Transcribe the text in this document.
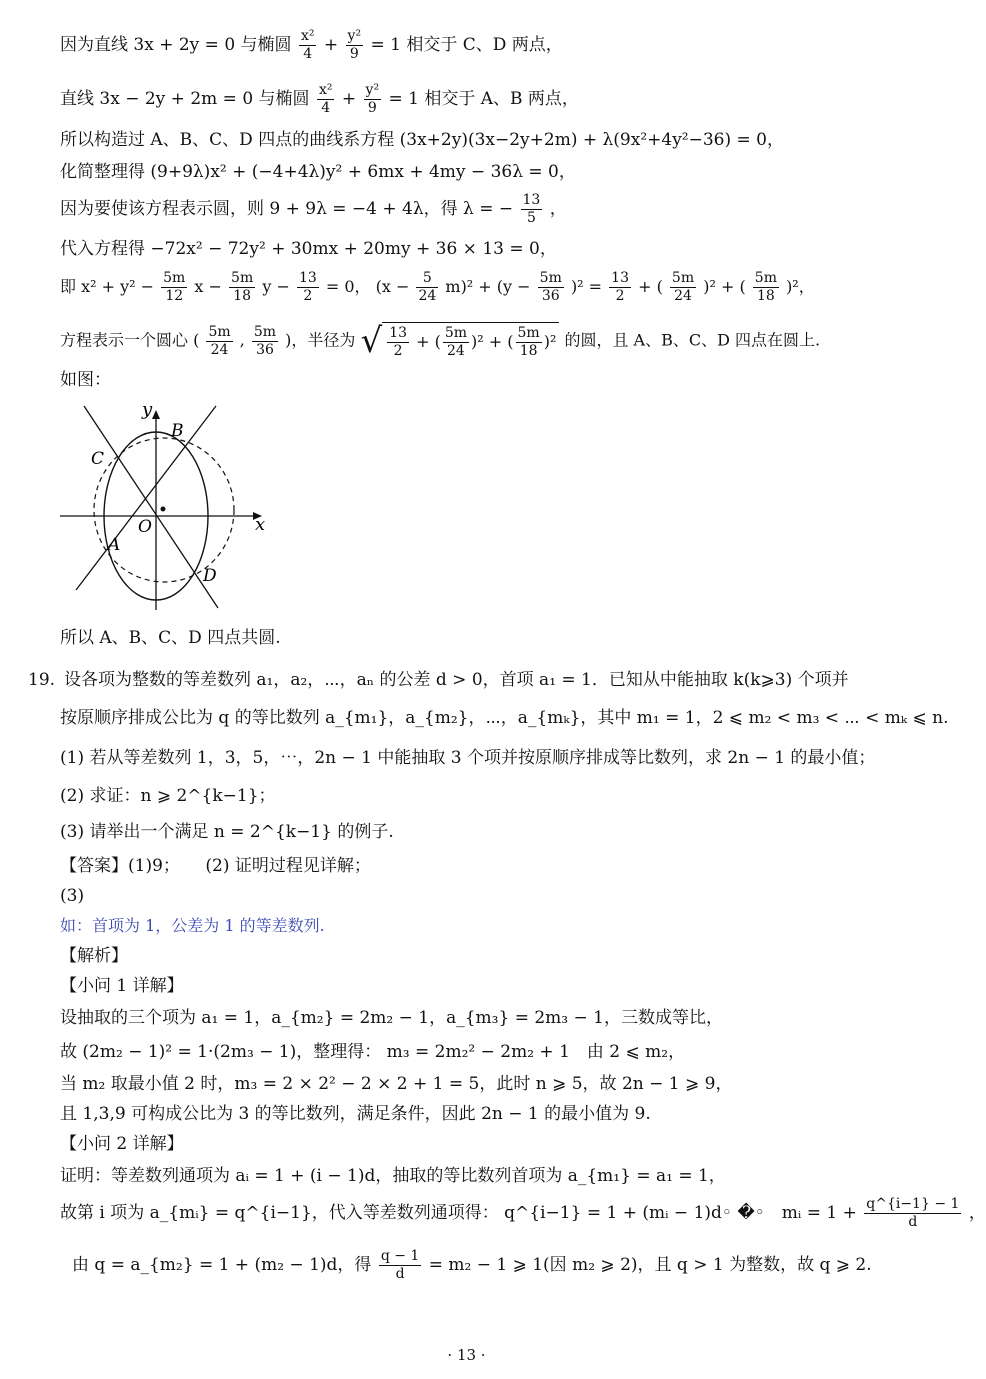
因为直线 3x + 2y = 0 与椭圆 $\frac{\text{x²}}{4} + \frac{\text{y²}}{9} = 1$ 相交于 C、D 两点，
直线 3x − 2y + 2m = 0 与椭圆 $\frac{\text{x²}}{4} + \frac{\text{y²}}{9} = 1$ 相交于 A、B 两点，
所以构造过 A、B、C、D 四点的曲线系方程 (3x+2y)(3x−2y+2m) + λ(9x²+4y²−36) = 0，
化简整理得 (9+9λ)x² + (−4+4λ)y² + 6mx + 4my − 36λ = 0，
因为要使该方程表示圆，则 9 + 9λ = −4 + 4λ，得 λ = − $\frac{13}{5}$ ，
代入方程得 −72x² − 72y² + 30mx + 20my + 36 × 13 = 0，
即 $x^2 + y^2 - \frac{5m}{12}$ $x - \frac{5m}{18}$ $y - \frac{13}{2} = 0$， $(x - \frac{5}{24} m)^2 + (y - \frac{5m}{36} )^2 = \frac{13}{2}$ + ( $\frac{5m}{24} )^2$ + ( $\frac{5m}{18} )^2$，
方程表示一个圆心 ( $\frac{5m}{24}$ , $\frac{5m}{36}$ )，半径为 √ $\frac{13}{2}$ + ( $\frac{5m}{24} )^2$ + ( $\frac{5m}{18} )^2$ 的圆，且 A、B、C、D 四点在圆上.
如图：
y
x
O
A
B
C
D
所以 A、B、C、D 四点共圆.
19. 设各项为整数的等差数列 a₁，a₂，⋯，aₙ 的公差 d > 0，首项 a₁ = 1．已知从中能抽取 k(k⩾3) 个项并
按原顺序排成公比为 q 的等比数列 a_{m₁}，a_{m₂}，⋯，a_{mₖ}，其中 m₁ = 1，2 ⩽ m₂ < m₃ < ⋯ < mₖ ⩽ n.
(1) 若从等差数列 1，3，5，⋯，2n − 1 中能抽取 3 个项并按原顺序排成等比数列，求 2n − 1 的最小值；
(2) 求证：n ⩾ 2^{k−1}；
(3) 请举出一个满足 n = 2^{k−1} 的例子.
【答案】(1)9；　　(2) 证明过程见详解；
(3)
如：首项为 1，公差为 1 的等差数列.
【解析】
【小问 1 详解】
设抽取的三个项为 a₁ = 1，a_{m₂} = 2m₂ − 1，a_{m₃} = 2m₃ − 1，三数成等比，
故 (2m₂ − 1)² = 1·(2m₃ − 1)，整理得： m₃ = 2m₂² − 2m₂ + 1　由 2 ⩽ m₂，
当 m₂ 取最小值 2 时，m₃ = 2 × 2² − 2 × 2 + 1 = 5，此时 n ⩾ 5，故 2n − 1 ⩾ 9，
且 1,3,9 可构成公比为 3 的等比数列，满足条件，因此 2n − 1 的最小值为 9.
【小问 2 详解】
证明：等差数列通项为 aᵢ = 1 + (i − 1)d，抽取的等比数列首项为 a_{m₁} = a₁ = 1，
故第 i 项为 a_{mᵢ} = q^{i−1}，代入等差数列通项得： q^{i−1} = 1 + (mᵢ − 1)d◦ �◦　mᵢ = $1 + \frac{q\^{}\{i-1\} - 1}{d}$ ，
由 q = a_{m₂} = 1 + (m₂ − 1)d，得 $\frac{q - 1}{d} = m_2 - 1$ ⩾ 1(因 m₂ ⩾ 2)，且 q > 1 为整数，故 q ⩾ 2.
· 13 ·
